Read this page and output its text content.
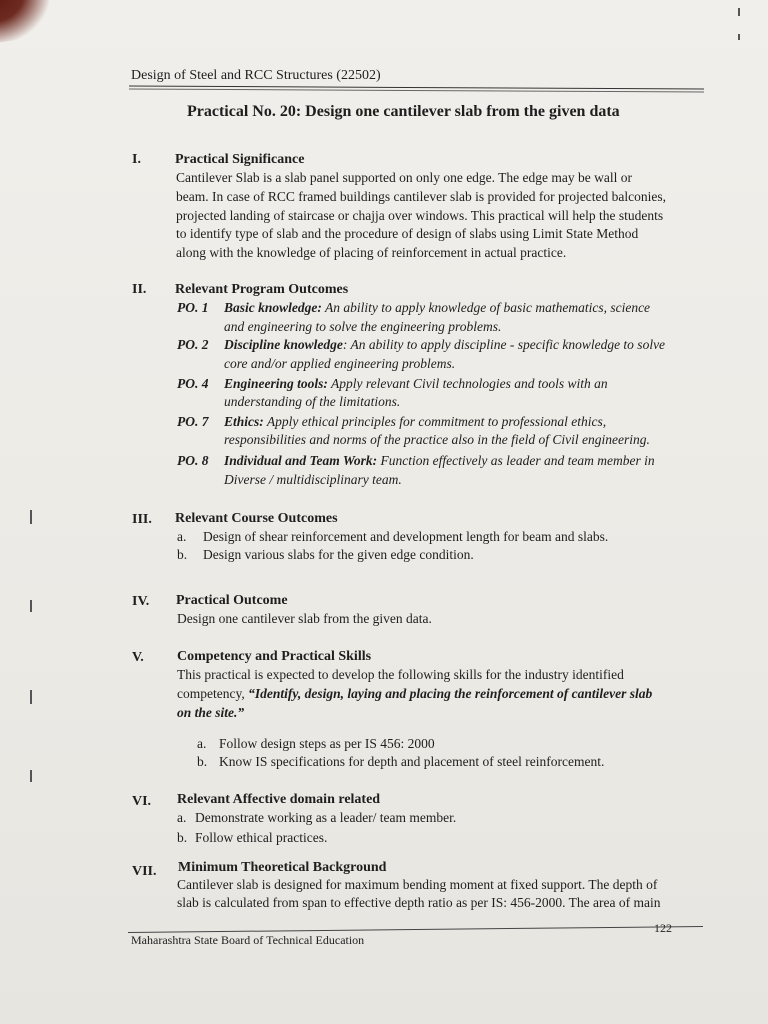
Design of Steel and RCC Structures (22502)
Practical No. 20: Design one cantilever slab from the given data
I. Practical Significance
Cantilever Slab is a slab panel supported on only one edge. The edge may be wall or
beam. In case of RCC framed buildings cantilever slab is provided for projected balconies,
projected landing of staircase or chajja over windows. This practical will help the students
to identify type of slab and the procedure of design of slabs using Limit State Method
along with the knowledge of placing of reinforcement in actual practice.
II. Relevant Program Outcomes
PO. 1 Basic knowledge: An ability to apply knowledge of basic mathematics, science
and engineering to solve the engineering problems.
PO. 2 Discipline knowledge: An ability to apply discipline - specific knowledge to solve
core and/or applied engineering problems.
PO. 4 Engineering tools: Apply relevant Civil technologies and tools with an
understanding of the limitations.
PO. 7 Ethics: Apply ethical principles for commitment to professional ethics,
responsibilities and norms of the practice also in the field of Civil engineering.
PO. 8 Individual and Team Work: Function effectively as leader and team member in
Diverse / multidisciplinary team.
III. Relevant Course Outcomes
a. Design of shear reinforcement and development length for beam and slabs.
b. Design various slabs for the given edge condition.
IV. Practical Outcome
Design one cantilever slab from the given data.
V. Competency and Practical Skills
This practical is expected to develop the following skills for the industry identified
competency, “Identify, design, laying and placing the reinforcement of cantilever slab
on the site.”
a. Follow design steps as per IS 456: 2000
b. Know IS specifications for depth and placement of steel reinforcement.
VI. Relevant Affective domain related
a. Demonstrate working as a leader/ team member.
b. Follow ethical practices.
VII. Minimum Theoretical Background
Cantilever slab is designed for maximum bending moment at fixed support. The depth of
slab is calculated from span to effective depth ratio as per IS: 456-2000. The area of main
122
Maharashtra State Board of Technical Education
